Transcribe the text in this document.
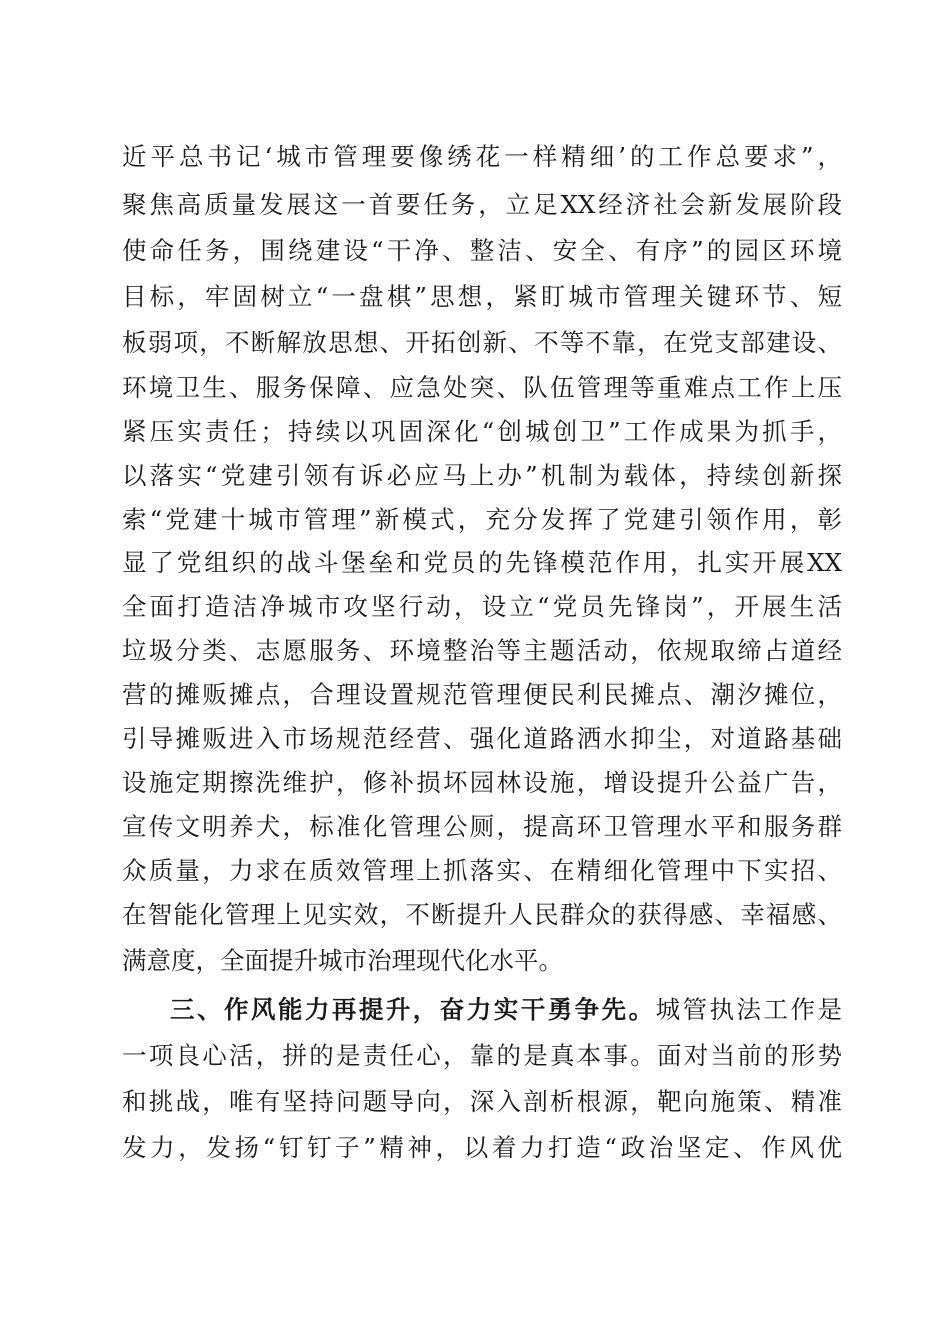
近平总书记‘城市管理要像绣花一样精细’的工作总要求”，
聚焦高质量发展这一首要任务，立足XX经济社会新发展阶段
使命任务，围绕建设“干净、整洁、安全、有序”的园区环境
目标，牢固树立“一盘棋”思想，紧盯城市管理关键环节、短
板弱项，不断解放思想、开拓创新、不等不靠，在党支部建设、
环境卫生、服务保障、应急处突、队伍管理等重难点工作上压
紧压实责任；持续以巩固深化“创城创卫”工作成果为抓手，
以落实“党建引领有诉必应马上办”机制为载体，持续创新探
索“党建十城市管理”新模式，充分发挥了党建引领作用，彰
显了党组织的战斗堡垒和党员的先锋模范作用，扎实开展XX
全面打造洁净城市攻坚行动，设立“党员先锋岗”，开展生活
垃圾分类、志愿服务、环境整治等主题活动，依规取缔占道经
营的摊贩摊点，合理设置规范管理便民利民摊点、潮汐摊位，
引导摊贩进入市场规范经营、强化道路洒水抑尘，对道路基础
设施定期擦洗维护，修补损坏园林设施，增设提升公益广告，
宣传文明养犬，标准化管理公厕，提高环卫管理水平和服务群
众质量，力求在质效管理上抓落实、在精细化管理中下实招、
在智能化管理上见实效，不断提升人民群众的获得感、幸福感、
满意度，全面提升城市治理现代化水平。
三、作风能力再提升，奋力实干勇争先。城管执法工作是
一项良心活，拼的是责任心，靠的是真本事。面对当前的形势
和挑战，唯有坚持问题导向，深入剖析根源，靶向施策、精准
发力，发扬“钉钉子”精神，以着力打造“政治坚定、作风优
